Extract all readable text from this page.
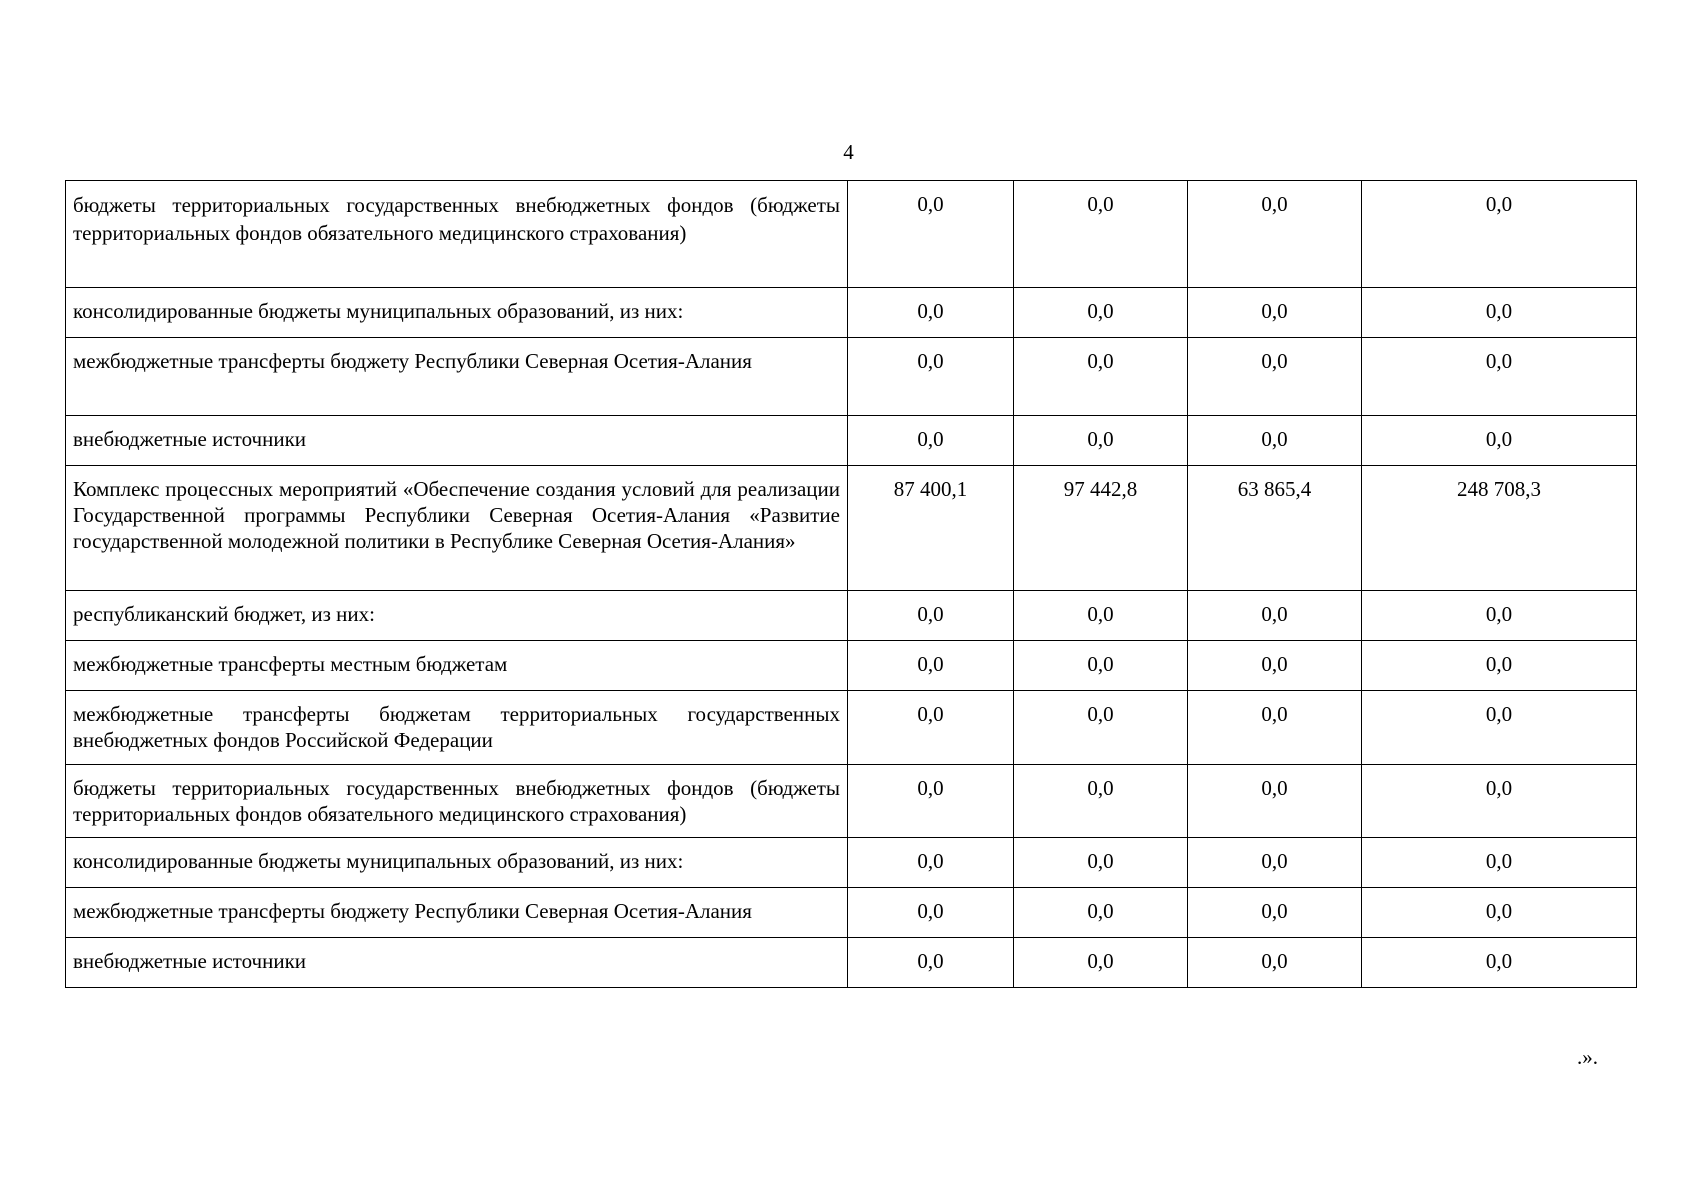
4
бюджеты территориальных государственных внебюджетных фондов (бюджеты территориальных фондов обязательного медицинского страхования)	0,0	0,0	0,0	0,0
консолидированные бюджеты муниципальных образований, из них:	0,0	0,0	0,0	0,0
межбюджетные трансферты бюджету Республики Северная Осетия-Алания	0,0	0,0	0,0	0,0
внебюджетные источники	0,0	0,0	0,0	0,0
Комплекс процессных мероприятий «Обеспечение создания условий для реализации Государственной программы Республики Северная Осетия-Алания «Развитие государственной молодежной политики в Республике Северная Осетия-Алания»	87 400,1	97 442,8	63 865,4	248 708,3
республиканский бюджет, из них:	0,0	0,0	0,0	0,0
межбюджетные трансферты местным бюджетам	0,0	0,0	0,0	0,0
межбюджетные трансферты бюджетам территориальных государственных внебюджетных фондов Российской Федерации	0,0	0,0	0,0	0,0
бюджеты территориальных государственных внебюджетных фондов (бюджеты территориальных фондов обязательного медицинского страхования)	0,0	0,0	0,0	0,0
консолидированные бюджеты муниципальных образований, из них:	0,0	0,0	0,0	0,0
межбюджетные трансферты бюджету Республики Северная Осетия-Алания	0,0	0,0	0,0	0,0
внебюджетные источники	0,0	0,0	0,0	0,0
.».
